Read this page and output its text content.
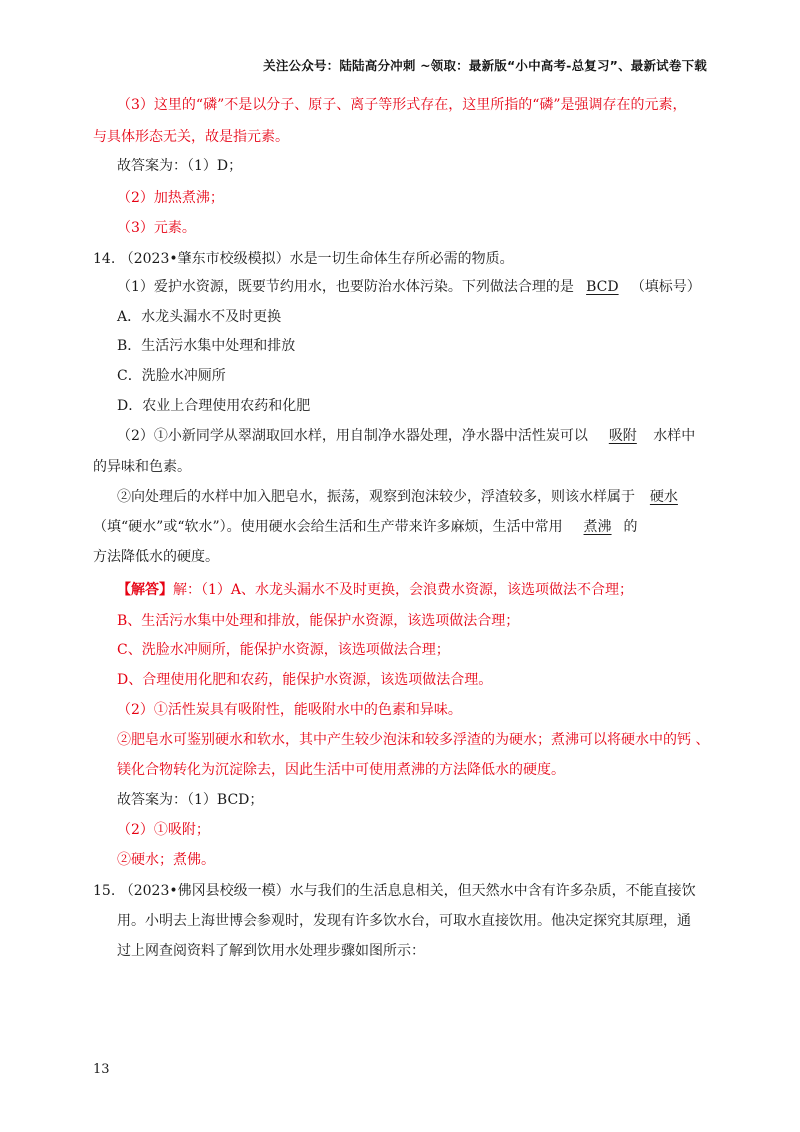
关注公众号：陆陆高分冲刺 ~领取：最新版“小中高考-总复习”、最新试卷下载
（3）这里的“磷”不是以分子、原子、离子等形式存在，这里所指的“磷”是强调存在的元素，
与具体形态无关，故是指元素。
故答案为：（1）D；
（2）加热煮沸；
（3）元素。
14. （2023•肇东市校级模拟）水是一切生命体生存所必需的物质。
（1）爱护水资源，既要节约用水，也要防治水体污染。下列做法合理的是 BCD （填标号）
A．水龙头漏水不及时更换
B．生活污水集中处理和排放
C．洗脸水冲厕所
D．农业上合理使用农药和化肥
（2）①小新同学从翠湖取回水样，用自制净水器处理，净水器中活性炭可以 吸附 水样中
的异味和色素。
②向处理后的水样中加入肥皂水，振荡，观察到泡沫较少，浮渣较多，则该水样属于 硬水
（填“硬水”或“软水”）。使用硬水会给生活和生产带来许多麻烦，生活中常用 煮沸 的
方法降低水的硬度。
【解答】解：（1）A、水龙头漏水不及时更换，会浪费水资源，该选项做法不合理；
B、生活污水集中处理和排放，能保护水资源，该选项做法合理；
C、洗脸水冲厕所，能保护水资源，该选项做法合理；
D、合理使用化肥和农药，能保护水资源，该选项做法合理。
（2）①活性炭具有吸附性，能吸附水中的色素和异味。
②肥皂水可鉴别硬水和软水，其中产生较少泡沫和较多浮渣的为硬水；煮沸可以将硬水中的钙 、
镁化合物转化为沉淀除去，因此生活中可使用煮沸的方法降低水的硬度。
故答案为：（1）BCD；
（2）①吸附；
②硬水；煮佛。
15. （2023•佛冈县校级一模）水与我们的生活息息相关，但天然水中含有许多杂质，不能直接饮
用。小明去上海世博会参观时，发现有许多饮水台，可取水直接饮用。他决定探究其原理，通
过上网查阅资料了解到饮用水处理步骤如图所示：
13
